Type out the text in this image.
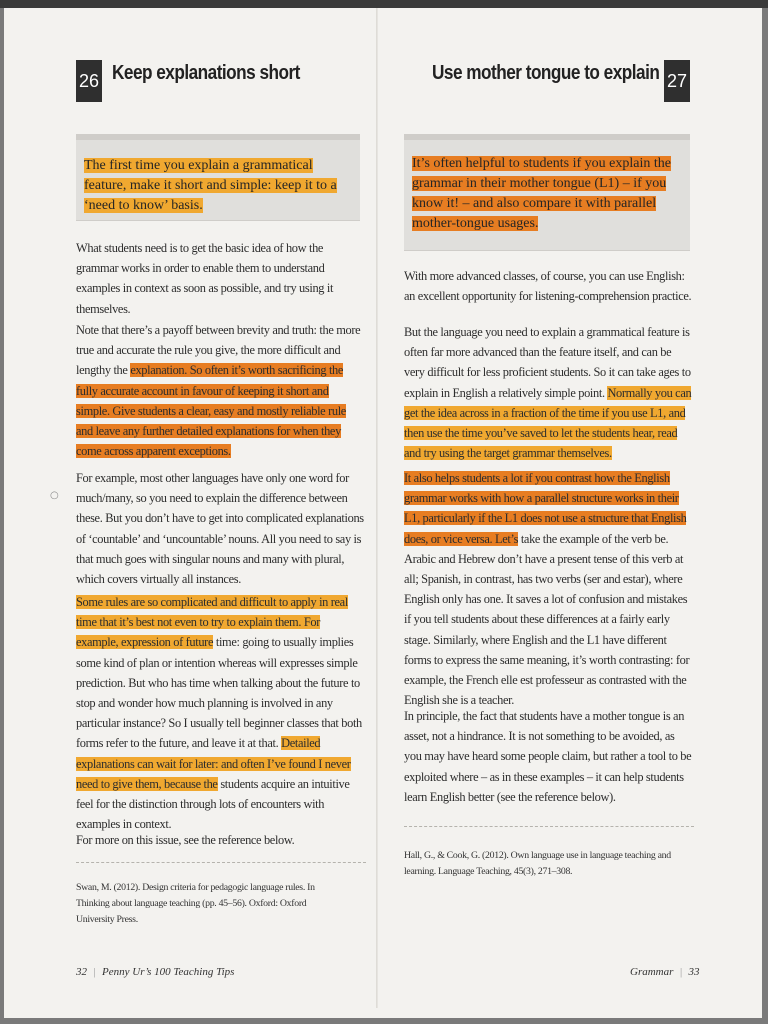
○
26 Keep explanations short
The first time you explain a grammatical feature, make it short and simple: keep it to a ‘need to know’ basis.

What students need is to get the basic idea of how the grammar works in order to enable them to understand examples in context as soon as possible, and try using it themselves.

Note that there’s a payoff between brevity and truth: the more true and accurate the rule you give, the more difficult and lengthy the explanation. So often it’s worth sacrificing the fully accurate account in favour of keeping it short and simple. Give students a clear, easy and mostly reliable rule and leave any further detailed explanations for when they come across apparent exceptions.

For example, most other languages have only one word for much/many, so you need to explain the difference between these. But you don’t have to get into complicated explanations of ‘countable’ and ‘uncountable’ nouns. All you need to say is that much goes with singular nouns and many with plural, which covers virtually all instances.

Some rules are so complicated and difficult to apply in real time that it’s best not even to try to explain them. For example, expression of future time: going to usually implies some kind of plan or intention whereas will expresses simple prediction. But who has time when talking about the future to stop and wonder how much planning is involved in any particular instance? So I usually tell beginner classes that both forms refer to the future, and leave it at that. Detailed explanations can wait for later: and often I’ve found I never need to give them, because the students acquire an intuitive feel for the distinction through lots of encounters with examples in context.

For more on this issue, see the reference below.

Swan, M. (2012). Design criteria for pedagogic language rules. In Thinking about language teaching (pp. 45–56). Oxford: Oxford University Press.
32 | Penny Ur’s 100 Teaching Tips
Use mother tongue to explain 27
It’s often helpful to students if you explain the grammar in their mother tongue (L1) – if you know it! – and also compare it with parallel mother-tongue usages.

With more advanced classes, of course, you can use English: an excellent opportunity for listening-comprehension practice.

But the language you need to explain a grammatical feature is often far more advanced than the feature itself, and can be very difficult for less proficient students. So it can take ages to explain in English a relatively simple point. Normally you can get the idea across in a fraction of the time if you use L1, and then use the time you’ve saved to let the students hear, read and try using the target grammar themselves.

It also helps students a lot if you contrast how the English grammar works with how a parallel structure works in their L1, particularly if the L1 does not use a structure that English does, or vice versa. Let’s take the example of the verb be. Arabic and Hebrew don’t have a present tense of this verb at all; Spanish, in contrast, has two verbs (ser and estar), where English only has one. It saves a lot of confusion and mistakes if you tell students about these differences at a fairly early stage. Similarly, where English and the L1 have different forms to express the same meaning, it’s worth contrasting: for example, the French elle est professeur as contrasted with the English she is a teacher.

In principle, the fact that students have a mother tongue is an asset, not a hindrance. It is not something to be avoided, as you may have heard some people claim, but rather a tool to be exploited where – as in these examples – it can help students learn English better (see the reference below).

Hall, G., & Cook, G. (2012). Own language use in language teaching and learning. Language Teaching, 45(3), 271–308.
Grammar | 33
